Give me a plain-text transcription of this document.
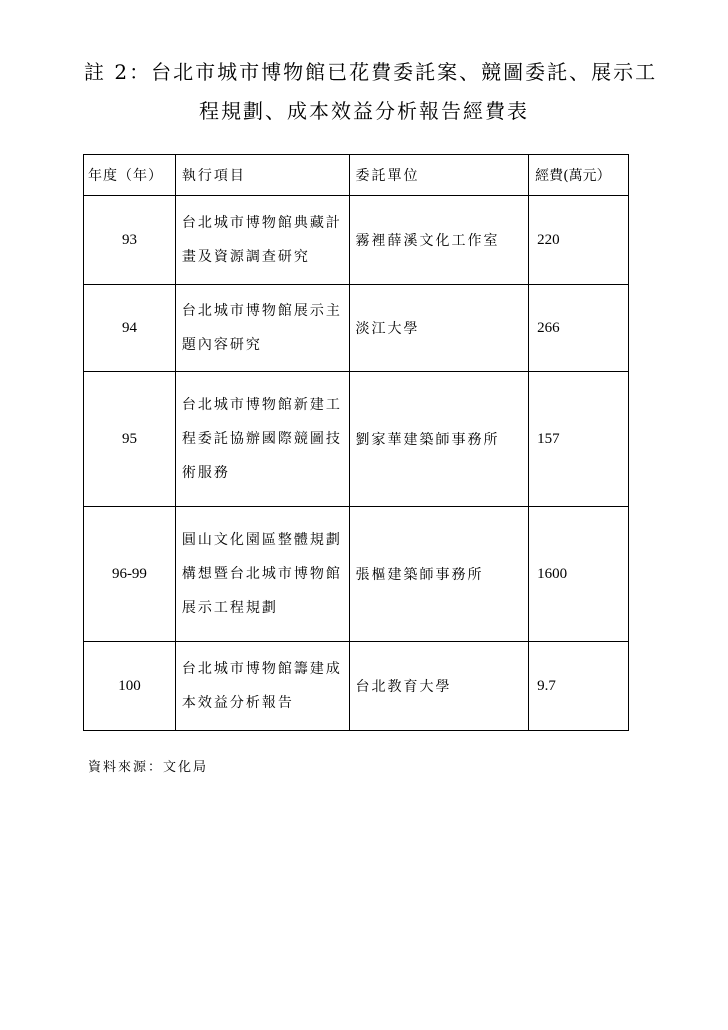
註 2：台北市城市博物館已花費委託案、競圖委託、展示工
程規劃、成本效益分析報告經費表
年度（年）	執行項目	委託單位	經費(萬元）
93	台北城市博物館典藏計畫及資源調查研究	霧裡薛溪文化工作室	220
94	台北城市博物館展示主題內容研究	淡江大學	266
95	台北城市博物館新建工程委託協辦國際競圖技術服務	劉家華建築師事務所	157
96-99	圓山文化園區整體規劃構想暨台北城市博物館展示工程規劃	張樞建築師事務所	1600
100	台北城市博物館籌建成本效益分析報告	台北教育大學	9.7
資料來源：文化局
